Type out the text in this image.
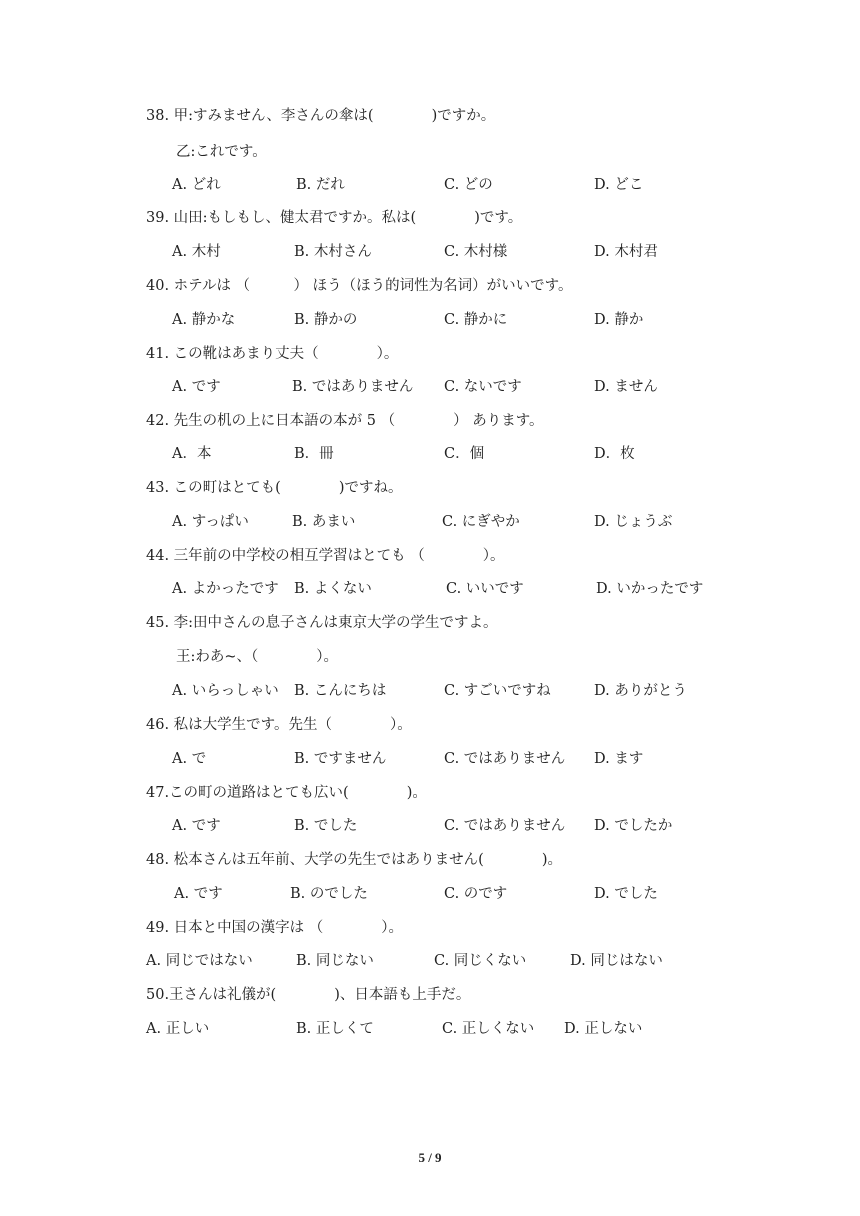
38. 甲:すみません、李さんの傘は(　　　　)ですか。
乙:これです。
A. どれ	B. だれ	C. どの	D. どこ
39. 山田:もしもし、健太君ですか。私は(　　　　)です。
A. 木村	B. 木村さん	C. 木村様	D. 木村君
40. ホテルは （　　　） ほう（ほう的词性为名词）がいいです。
A. 静かな	B. 静かの	C. 静かに	D. 静か
41. この靴はあまり丈夫（　　　　）。
A. です	B. ではありません C. ないです	D. ません
42. 先生の机の上に日本語の本が 5 （　　　　） あります。
A．本	B．冊	C．個	D．枚
43. この町はとても(　　　　)ですね。
A. すっぱい	B. あまい	C. にぎやか	D. じょうぶ
44. 三年前の中学校の相互学習はとても （　　　　）。
A. よかったです B. よくない	C. いいです	D. いかったです
45. 李:田中さんの息子さんは東京大学の学生ですよ。
王:わあ~、（　　　　）。
A. いらっしゃい B. こんにちは	C. すごいですね	D. ありがとう
46. 私は大学生です。先生（　　　　）。
A. で	B. ですません	C. ではありません D. ます
47.この町の道路はとても広い(　　　　)。
A. です	B. でした	C. ではありません D. でしたか
48. 松本さんは五年前、大学の先生ではありません(　　　　)。
A. です	B. のでした	C. のです	D. でした
49. 日本と中国の漢字は （　　　　）。
A. 同じではない	B. 同じない	C. 同じくない	D. 同じはない
50.王さんは礼儀が(　　　　)、日本語も上手だ。
A. 正しい	B. 正しくて	C. 正しくない D. 正しない
5 / 9
